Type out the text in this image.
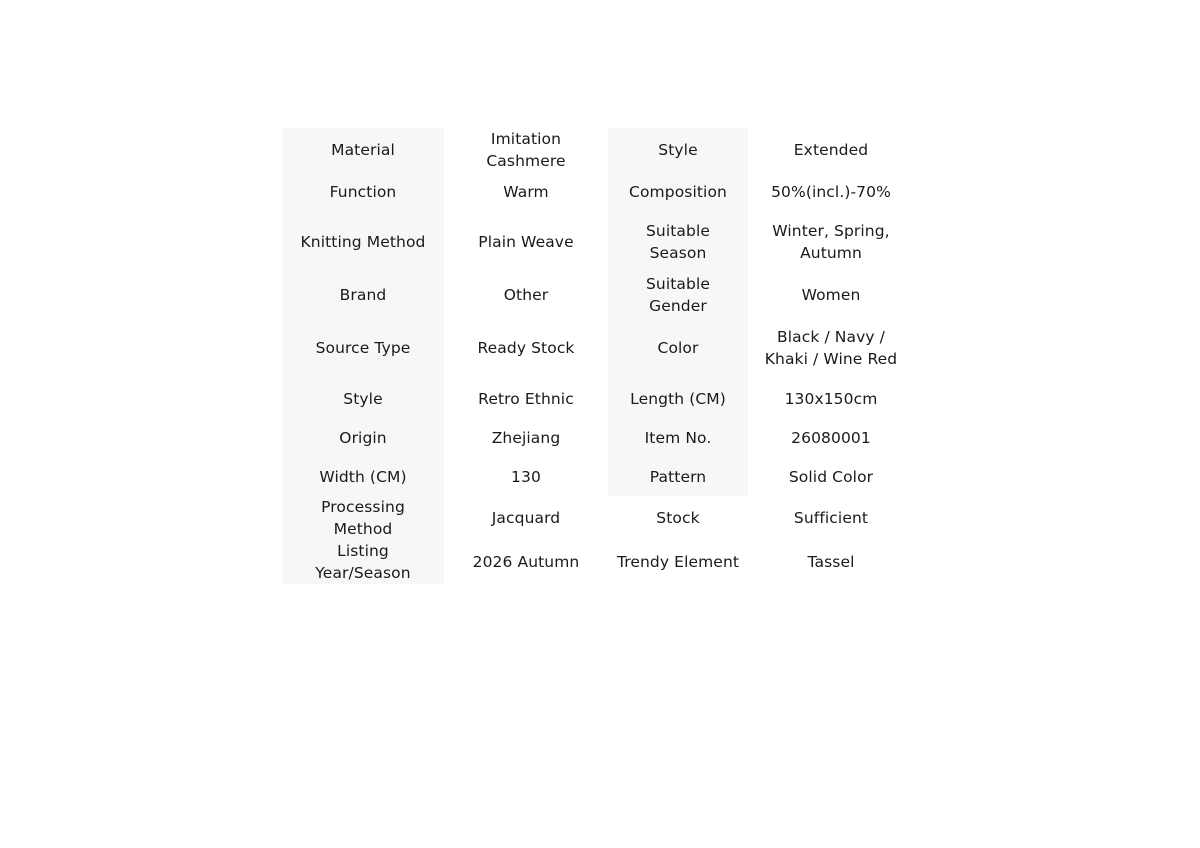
Material	Imitation Cashmere	Style	Extended
Function	Warm	Composition	50%(incl.)-70%
Knitting Method	Plain Weave	Suitable Season	Winter, Spring, Autumn
Brand	Other	Suitable Gender	Women
Source Type	Ready Stock	Color	Black / Navy / Khaki / Wine Red
Style	Retro Ethnic	Length (CM)	130x150cm
Origin	Zhejiang	Item No.	26080001
Width (CM)	130	Pattern	Solid Color
Processing Method	Jacquard	Stock	Sufficient
Listing Year/Season	2026 Autumn	Trendy Element	Tassel
